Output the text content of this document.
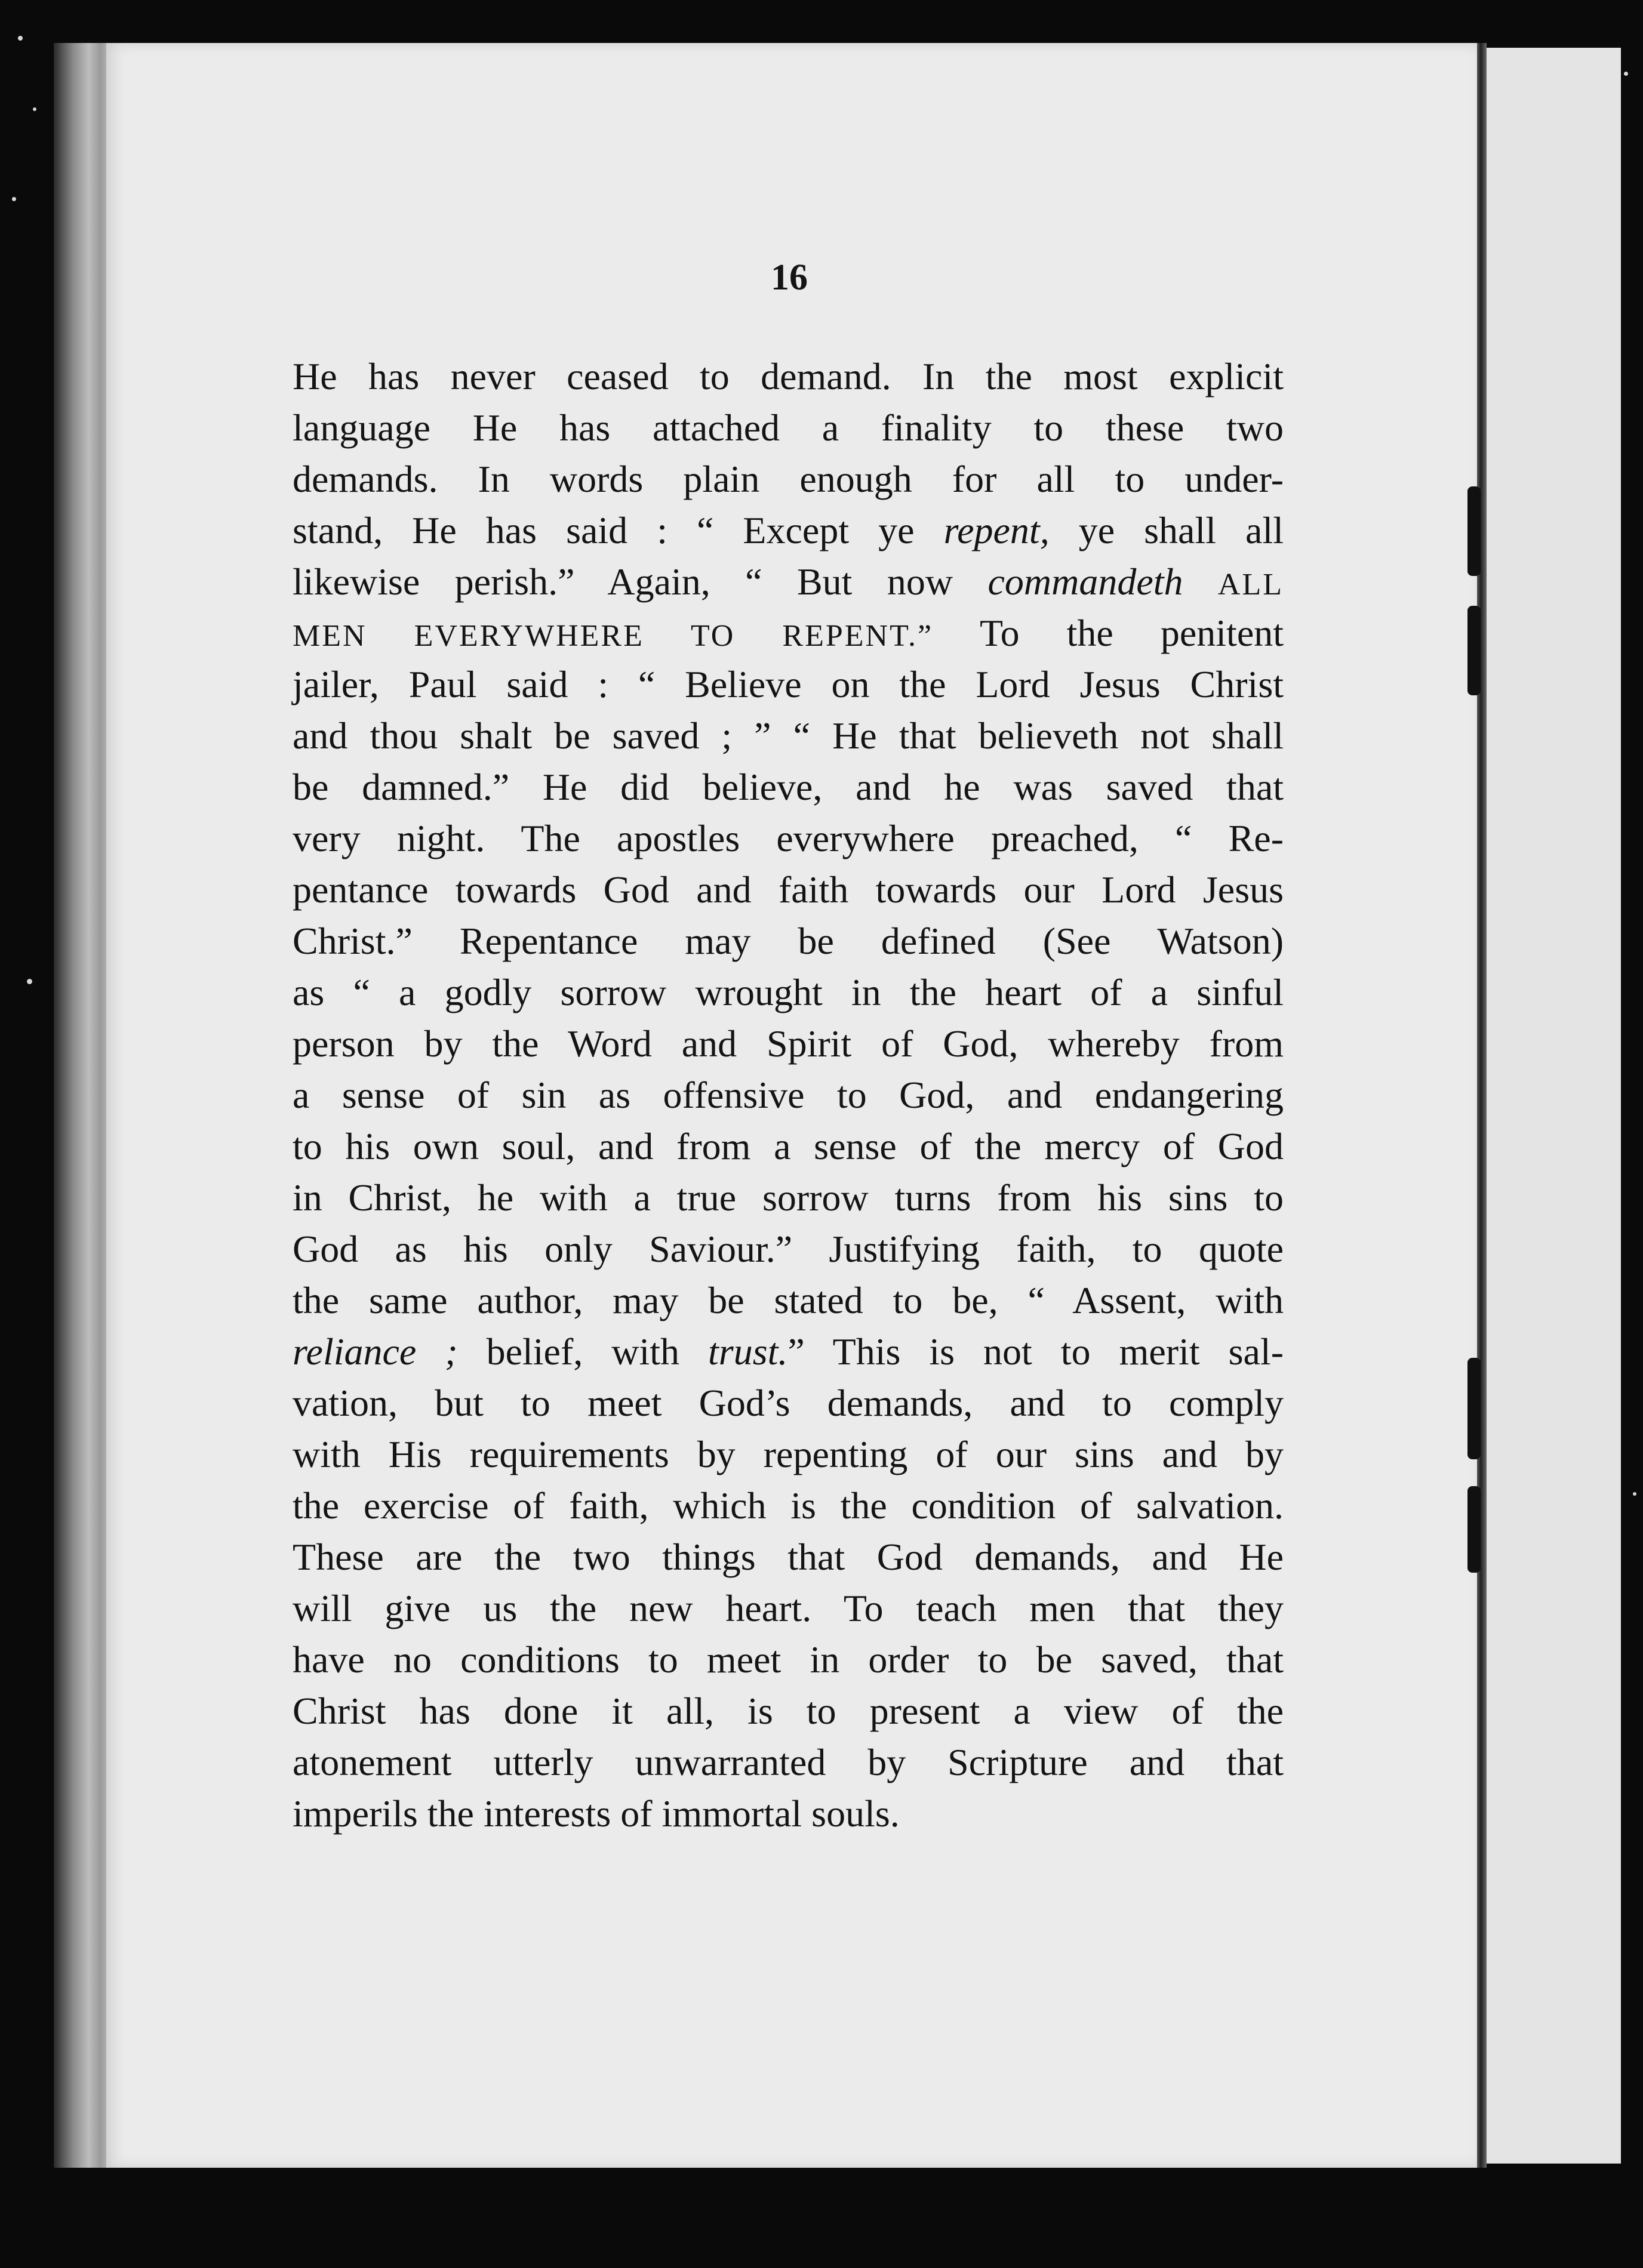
16
He has never ceased to demand. In the most explicit
language He has attached a finality to these two
demands. In words plain enough for all to under-
stand, He has said : “ Except ye repent, ye shall all
likewise perish.” Again, “ But now commandeth ALL
MEN EVERYWHERE TO REPENT.” To the penitent
jailer, Paul said : “ Believe on the Lord Jesus Christ
and thou shalt be saved ; ” “ He that believeth not shall
be damned.” He did believe, and he was saved that
very night. The apostles everywhere preached, “ Re-
pentance towards God and faith towards our Lord Jesus
Christ.” Repentance may be defined (See Watson)
as “ a godly sorrow wrought in the heart of a sinful
person by the Word and Spirit of God, whereby from
a sense of sin as offensive to God, and endangering
to his own soul, and from a sense of the mercy of God
in Christ, he with a true sorrow turns from his sins to
God as his only Saviour.” Justifying faith, to quote
the same author, may be stated to be, “ Assent, with
reliance ; belief, with trust.” This is not to merit sal-
vation, but to meet God’s demands, and to comply
with His requirements by repenting of our sins and by
the exercise of faith, which is the condition of salvation.
These are the two things that God demands, and He
will give us the new heart. To teach men that they
have no conditions to meet in order to be saved, that
Christ has done it all, is to present a view of the
atonement utterly unwarranted by Scripture and that
imperils the interests of immortal souls.
